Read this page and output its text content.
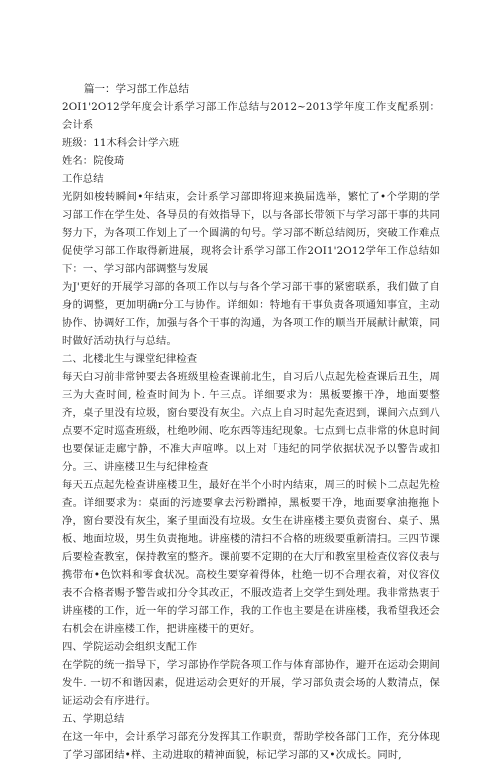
篇一：学习部工作总结

2OI1'2O12学年度会计系学习部工作总结与2012~2013学年度工作支配系别：会计系

班级：11木科会计学六班

姓名：院俊琦

工作总结

光阴如梭转瞬间•年结束，会计系学习部即将迎来换届选举，繁忙了•个学期的学习部工作在学生处、各导员的有效指导下，以与各部长带领下与学习部干事的共同努力下，为各项工作划上了一个圆满的句号。学习部不断总结阅历，突破工作难点促使学习部工作取得新进展，现将会计系学习部工作2OI1'2O12学年工作总结如下：一、学习部内部调整与发展

为J'更好的开展学习部的各项工作以与与各个学习部干事的紧密联系，我们做了自身的调整，更加明确r分工与协作。详细如：特地有干事负责各项通知事宜，主动协作、协调好工作，加强与各个干事的沟通，为各项工作的顺当开展献计献策，同时做好活动执行与总结。

二、北楼北生与课堂纪律检查

每天白习前非常钟要去各班级里检查课前北生，自习后八点起先检查课后丑生，周三为大查时间, 检查时间为卜. 午三点。详细要求为：黑板要擦干净，地面要整齐，桌子里没有垃圾，窗台要没有灰尘。六点上自习时起先查迟到，课间六点到八点要不定时巡查班级，杜绝吵闹、吃东西等违纪现象。七点到七点非常的休息时间也要保证走廊宁静，不准大声喧哗。以上对「违纪的同学依据状况予以警告或扣分。三、讲座楼卫生与纪律检查

每天五点起先检查讲座楼卫生，最好在半个小时内结束，周三的时候卜二点起先检查。详细要求为：桌面的污迹要拿去污粉蹭掉，黑板要干净，地面要拿油拖拖卜净，窗台要没有灰尘，案子里面没有垃圾。女生在讲座楼主要负责窗台、桌子、黑板、地面垃圾，男生负责拖地。讲座楼的清扫不合格的班级要重新清扫。三四节课后要检查教室，保持教室的整齐。课前要不定期的在大厅和教室里检查仪容仪表与携带布•色饮料和零食状况。高校生要穿着得体，杜绝一切不合理衣着，对仪容仪表不合格者赐予警告或扣分令其改正，不服改造者上交学生到处理。我非常热衷于讲座楼的工作，近一年的学习部工作，我的工作也主要是在讲座楼，我希望我还会右机会在讲座楼工作，把讲座楼干的更好。

四、学院运动会组织支配工作

在学院的统一指导下，学习部协作学院各项工作与体育部协作，避开在运动会期间发牛. 一切不和谐因素，促进运动会更好的开展，学习部负责会场的人数清点，保证运动会有序进行。

五、学期总结

在这一年中，会计系学习部充分发挥其工作职贲，帮助学校各部门工作，充分体现了学习部团结•样、主动进取的精神面貌，标记学习部的又•次成长。同时,
